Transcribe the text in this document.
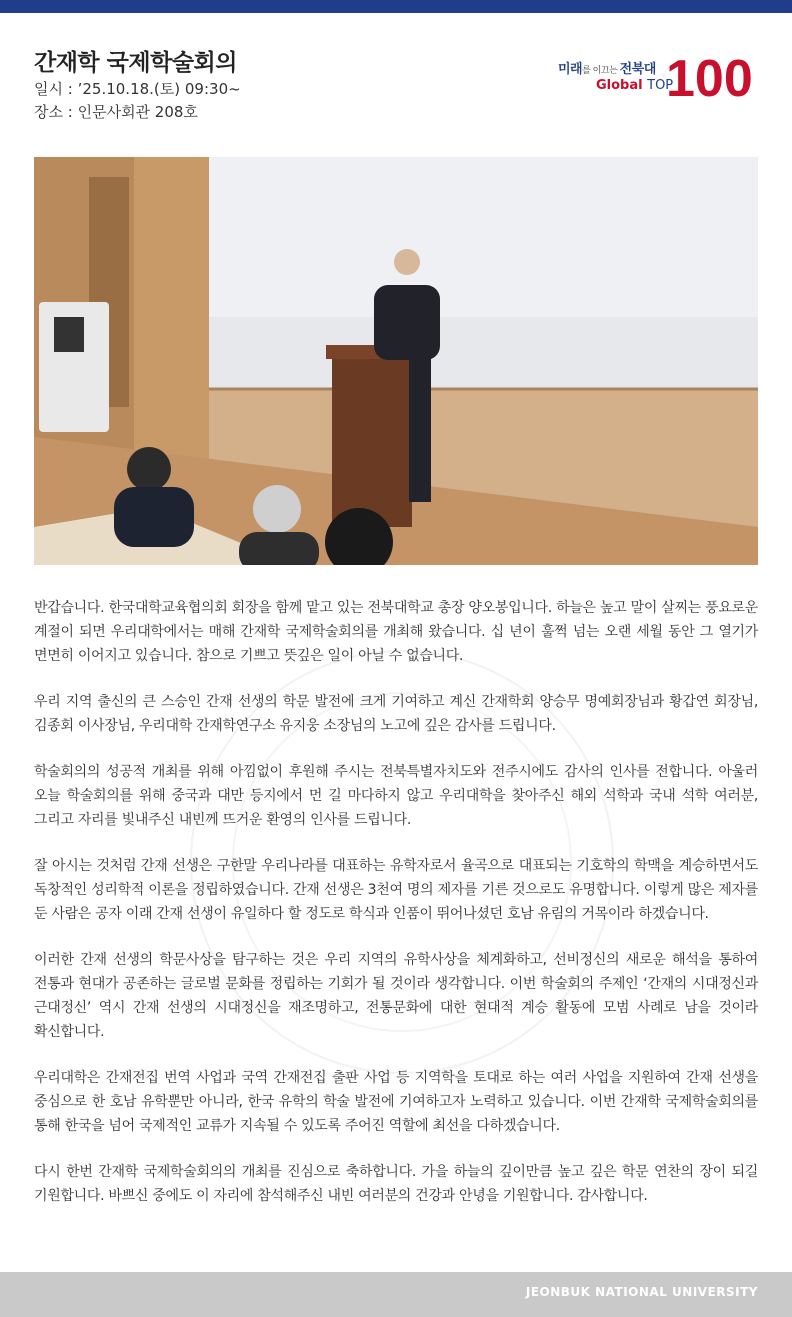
간재학 국제학술회의
일시 : ’25.10.18.(토) 09:30~
장소 : 인문사회관 208호
100
미래를 이끄는 전북대
Global TOP

반갑습니다. 한국대학교육협의회 회장을 함께 맡고 있는 전북대학교 총장 양오봉입니다. 하늘은 높고 말이 살찌는 풍요로운 계절이 되면 우리대학에서는 매해 간재학 국제학술회의를 개최해 왔습니다. 십 년이 훌쩍 넘는 오랜 세월 동안 그 열기가 면면히 이어지고 있습니다. 참으로 기쁘고 뜻깊은 일이 아닐 수 없습니다.

우리 지역 출신의 큰 스승인 간재 선생의 학문 발전에 크게 기여하고 계신 간재학회 양승무 명예회장님과 황갑연 회장님, 김종회 이사장님, 우리대학 간재학연구소 유지웅 소장님의 노고에 깊은 감사를 드립니다.

학술회의의 성공적 개최를 위해 아낌없이 후원해 주시는 전북특별자치도와 전주시에도 감사의 인사를 전합니다. 아울러 오늘 학술회의를 위해 중국과 대만 등지에서 먼 길 마다하지 않고 우리대학을 찾아주신 해외 석학과 국내 석학 여러분, 그리고 자리를 빛내주신 내빈께 뜨거운 환영의 인사를 드립니다.

잘 아시는 것처럼 간재 선생은 구한말 우리나라를 대표하는 유학자로서 율곡으로 대표되는 기호학의 학맥을 계승하면서도 독창적인 성리학적 이론을 정립하였습니다. 간재 선생은 3천여 명의 제자를 기른 것으로도 유명합니다. 이렇게 많은 제자를 둔 사람은 공자 이래 간재 선생이 유일하다 할 정도로 학식과 인품이 뛰어나셨던 호남 유림의 거목이라 하겠습니다.

이러한 간재 선생의 학문사상을 탐구하는 것은 우리 지역의 유학사상을 체계화하고, 선비정신의 새로운 해석을 통하여 전통과 현대가 공존하는 글로벌 문화를 정립하는 기회가 될 것이라 생각합니다. 이번 학술회의 주제인 ‘간재의 시대정신과 근대정신’ 역시 간재 선생의 시대정신을 재조명하고, 전통문화에 대한 현대적 계승 활동에 모범 사례로 남을 것이라 확신합니다.

우리대학은 간재전집 번역 사업과 국역 간재전집 출판 사업 등 지역학을 토대로 하는 여러 사업을 지원하여 간재 선생을 중심으로 한 호남 유학뿐만 아니라, 한국 유학의 학술 발전에 기여하고자 노력하고 있습니다. 이번 간재학 국제학술회의를 통해 한국을 넘어 국제적인 교류가 지속될 수 있도록 주어진 역할에 최선을 다하겠습니다.

다시 한번 간재학 국제학술회의의 개최를 진심으로 축하합니다. 가을 하늘의 깊이만큼 높고 깊은 학문 연찬의 장이 되길 기원합니다. 바쁘신 중에도 이 자리에 참석해주신 내빈 여러분의 건강과 안녕을 기원합니다. 감사합니다.

JEONBUK NATIONAL UNIVERSITY
